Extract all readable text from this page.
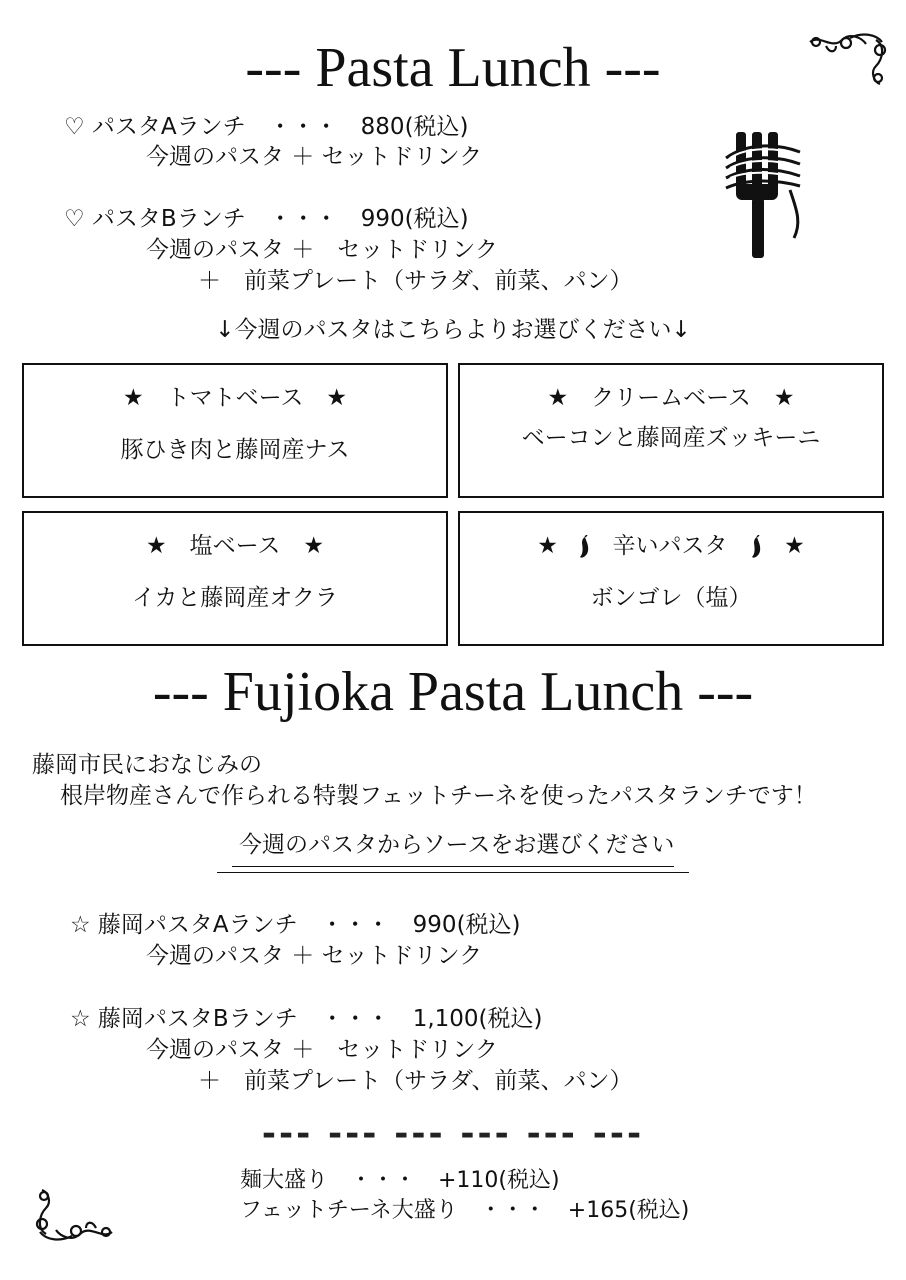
--- Pasta Lunch ---
♡ パスタAランチ　・・・　880(税込)
今週のパスタ ＋ セットドリンク
♡ パスタBランチ　・・・　990(税込)
今週のパスタ ＋　セットドリンク
＋　前菜プレート（サラダ、前菜、パン）
↓今週のパスタはこちらよりお選びください↓
★　トマトベース　★
豚ひき肉と藤岡産ナス
★　クリームベース　★
ベーコンと藤岡産ズッキーニ
★　塩ベース　★
イカと藤岡産オクラ
★ 辛いパスタ ★
ボンゴレ（塩）
--- Fujioka Pasta Lunch ---
藤岡市民におなじみの
根岸物産さんで作られる特製フェットチーネを使ったパスタランチです！
今週のパスタからソースをお選びください
☆ 藤岡パスタAランチ　・・・　990(税込)
今週のパスタ ＋ セットドリンク
☆ 藤岡パスタBランチ　・・・　1,100(税込)
今週のパスタ ＋　セットドリンク
＋　前菜プレート（サラダ、前菜、パン）
--- --- --- --- --- ---
麺大盛り　・・・　+110(税込)
フェットチーネ大盛り　・・・　+165(税込)
